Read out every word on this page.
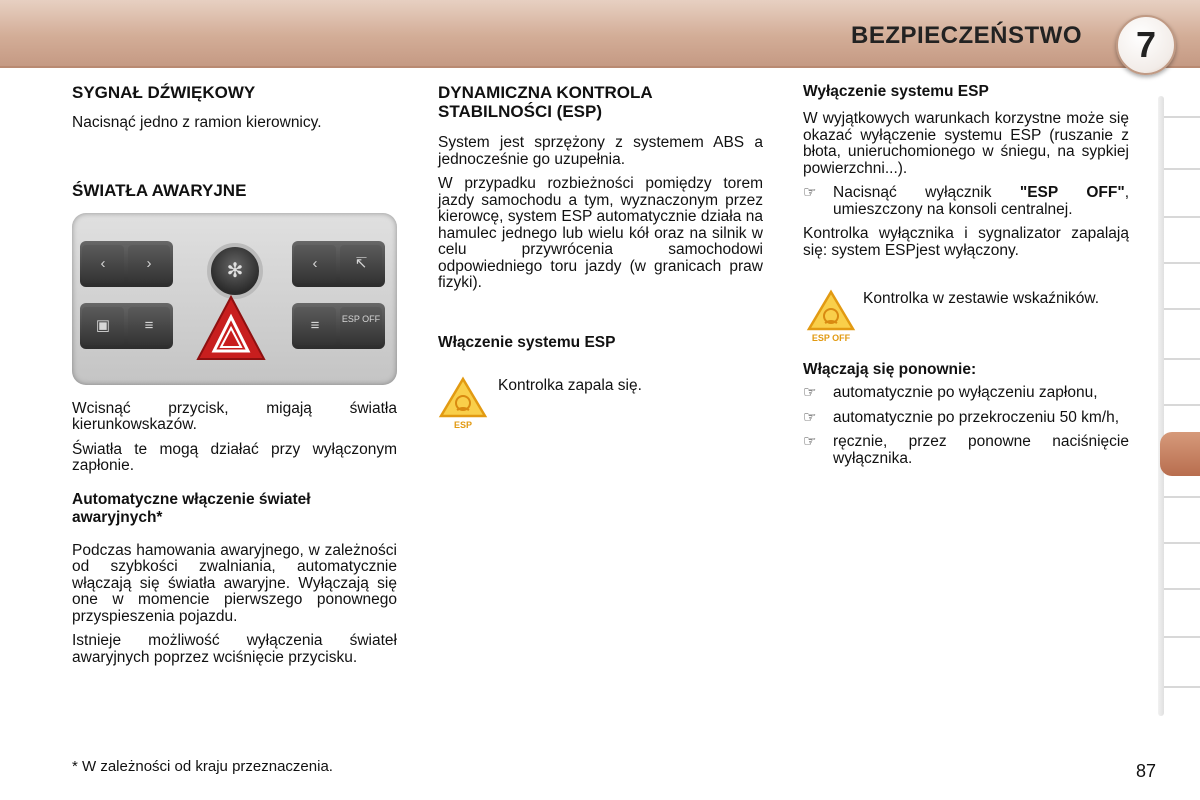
BEZPIECZEŃSTWO	7
SYGNAŁ DŹWIĘKOWY

Nacisnąć jedno z ramion kierownicy.

ŚWIATŁA AWARYJNE
‹	›
▣	≡
✻	‹	↸
≡	ESP OFF

Wcisnąć przycisk, migają światła kierunkowskazów.

Światła te mogą działać przy wyłączonym zapłonie.

Automatyczne włączenie świateł awaryjnych*

Podczas hamowania awaryjnego, w zależności od szybkości zwalniania, automatycznie włączają się światła awaryjne. Wyłączają się one w momencie pierwszego ponownego przyspieszenia pojazdu.

Istnieje możliwość wyłączenia świateł awaryjnych poprzez wciśnięcie przycisku.

DYNAMICZNA KONTROLA STABILNOŚCI (ESP)

System jest sprzężony z systemem ABS a jednocześnie go uzupełnia.

W przypadku rozbieżności pomiędzy torem jazdy samochodu a tym, wyznaczonym przez kierowcę, system ESP automatycznie działa na hamulec jednego lub wielu kół oraz na silnik w celu przywrócenia samochodowi odpowiedniego toru jazdy (w granicach praw fizyki).

Włączenie systemu ESP
ESP
Kontrolka zapala się.
Wyłączenie systemu ESP

W wyjątkowych warunkach korzystne może się okazać wyłączenie systemu ESP (ruszanie z błota, unieruchomionego w śniegu, na sypkiej powierzchni...).

☞ Nacisnąć wyłącznik "ESP OFF", umieszczony na konsoli centralnej.

Kontrolka wyłącznika i sygnalizator zapalają się: system ESPjest wyłączony.

ESP OFF
Kontrolka w zestawie wskaźników.
Włączają się ponownie:

☞ automatycznie po wyłączeniu zapłonu,

☞ automatycznie po przekroczeniu 50 km/h,

☞ ręcznie, przez ponowne naciśnięcie wyłącznika.

* W zależności od kraju przeznaczenia.	87
